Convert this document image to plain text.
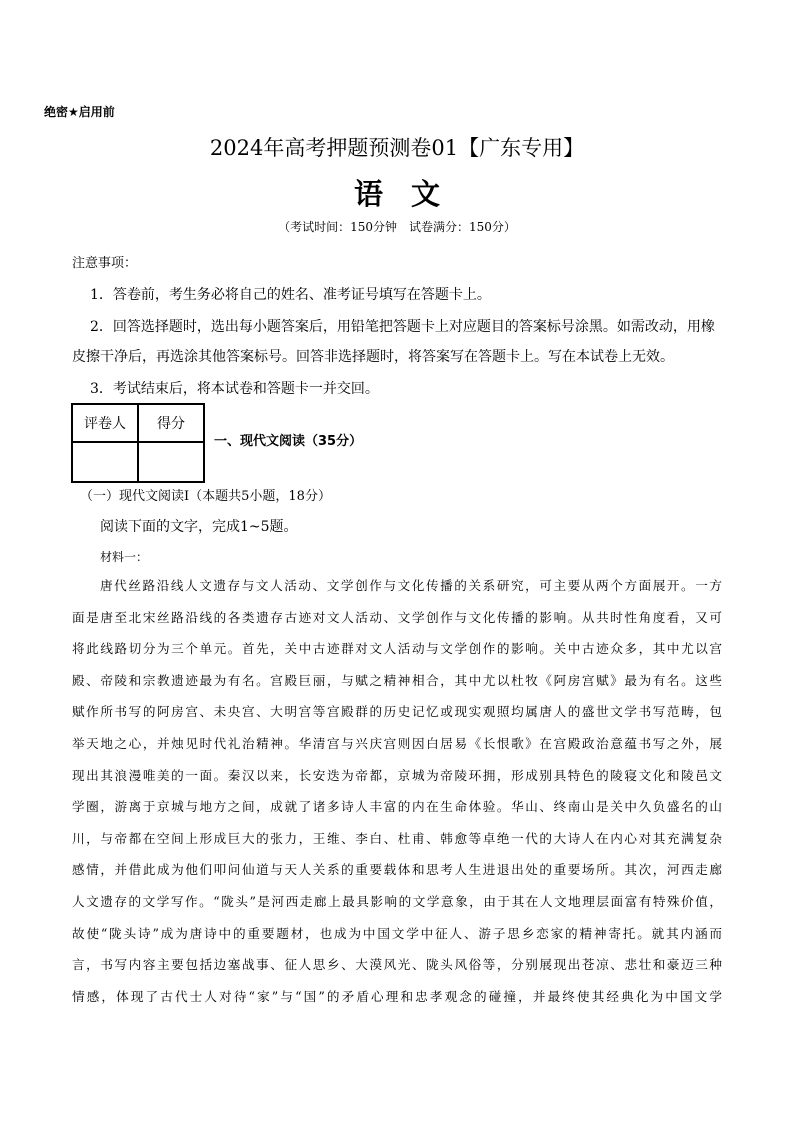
绝密★启用前
2024年高考押题预测卷01【广东专用】
语文
（考试时间：150分钟　试卷满分：150分）
注意事项：
1．答卷前，考生务必将自己的姓名、准考证号填写在答题卡上。
2．回答选择题时，选出每小题答案后，用铅笔把答题卡上对应题目的答案标号涂黑。如需改动，用橡
皮擦干净后，再选涂其他答案标号。回答非选择题时，将答案写在答题卡上。写在本试卷上无效。
3．考试结束后，将本试卷和答题卡一并交回。
评卷人	得分

一、现代文阅读（35分）
（一）现代文阅读Ⅰ（本题共5小题，18分）
阅读下面的文字，完成1~5题。
材料一：
唐代丝路沿线人文遗存与文人活动、文学创作与文化传播的关系研究，可主要从两个方面展开。一方
面是唐至北宋丝路沿线的各类遗存古迹对文人活动、文学创作与文化传播的影响。从共时性角度看，又可
将此线路切分为三个单元。首先，关中古迹群对文人活动与文学创作的影响。关中古迹众多，其中尤以宫
殿、帝陵和宗教遗迹最为有名。宫殿巨丽，与赋之精神相合，其中尤以杜牧《阿房宫赋》最为有名。这些
赋作所书写的阿房宫、未央宫、大明宫等宫殿群的历史记忆或现实观照均属唐人的盛世文学书写范畴，包
举天地之心，并烛见时代礼治精神。华清宫与兴庆宫则因白居易《长恨歌》在宫殿政治意蕴书写之外，展
现出其浪漫唯美的一面。秦汉以来，长安迭为帝都，京城为帝陵环拥，形成别具特色的陵寝文化和陵邑文
学圈，游离于京城与地方之间，成就了诸多诗人丰富的内在生命体验。华山、终南山是关中久负盛名的山
川，与帝都在空间上形成巨大的张力，王维、李白、杜甫、韩愈等卓绝一代的大诗人在内心对其充满复杂
感情，并借此成为他们叩问仙道与天人关系的重要载体和思考人生进退出处的重要场所。其次，河西走廊
人文遗存的文学写作。“陇头”是河西走廊上最具影响的文学意象，由于其在人文地理层面富有特殊价值，
故使“陇头诗”成为唐诗中的重要题材，也成为中国文学中征人、游子思乡恋家的精神寄托。就其内涵而
言，书写内容主要包括边塞战事、征人思乡、大漠风光、陇头风俗等，分别展现出苍凉、悲壮和豪迈三种
情感，体现了古代士人对待“家”与“国”的矛盾心理和忠孝观念的碰撞，并最终使其经典化为中国文学
